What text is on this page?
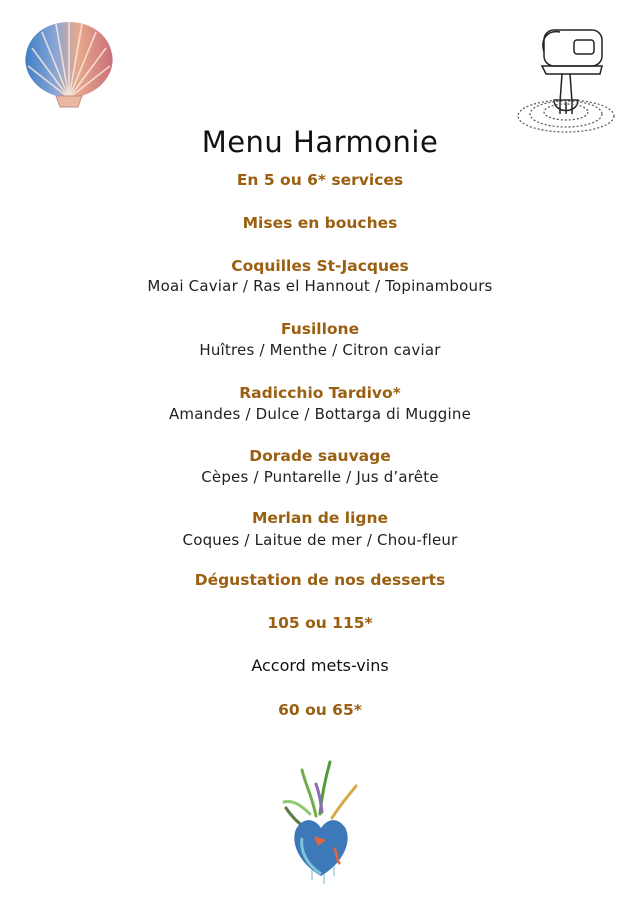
Menu Harmonie
En 5 ou 6* services
Mises en bouches
Coquilles St-Jacques
Moai Caviar / Ras el Hannout / Topinambours
Fusillone
Huîtres / Menthe / Citron caviar
Radicchio Tardivo*
Amandes / Dulce / Bottarga di Muggine
Dorade sauvage
Cèpes / Puntarelle / Jus d’arête
Merlan de ligne
Coques / Laitue de mer / Chou-fleur
Dégustation de nos desserts
105 ou 115*
Accord mets-vins
60 ou 65*
